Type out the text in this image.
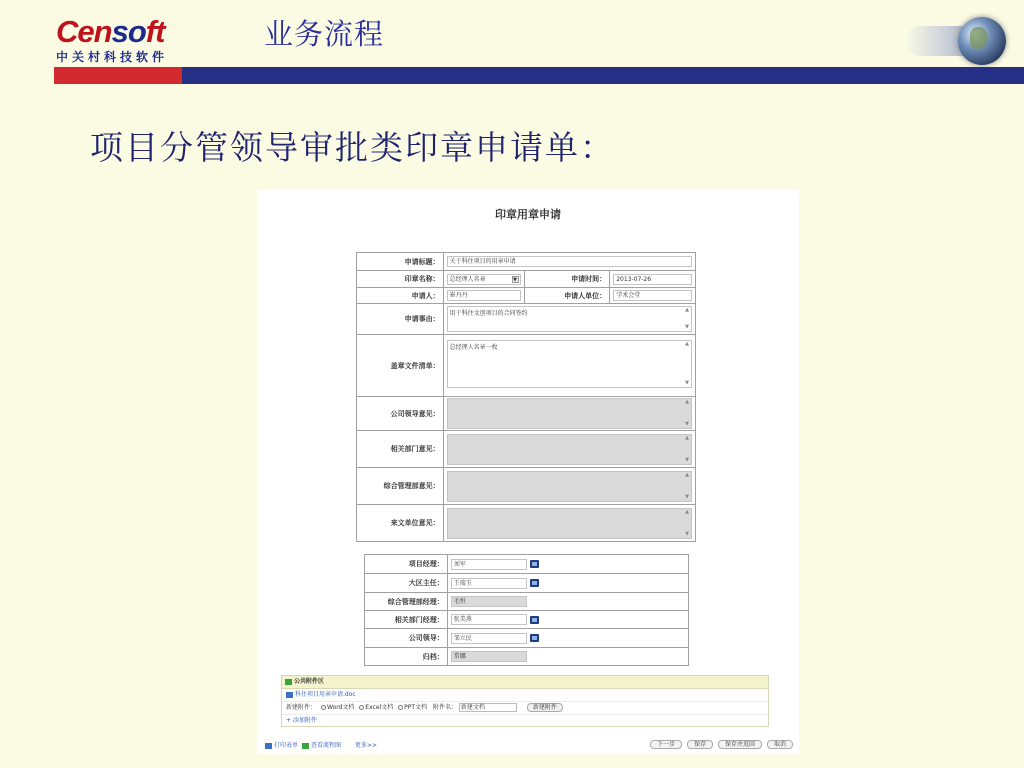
Censoft
中关村科技软件
业务流程
项目分管领导审批类印章申请单：
印章用章申请
申请标题：	关于科住项目的用章申请		

印章名称：	总经理人名章 ▼	申请时间：	2013-07-26

申请人：	崔丹丹	申请人单位：	学术会堂

申请事由：	用于科住文创项目的合同签约 ▲
▼		

盖章文件清单：	总经理人名章一枚 ▲
▼		

公司领导意见：	▲
▼		

相关部门意见：	▲
▼		

综合管理部意见：	▲
▼		

来文单位意见：	▲
▼		
项目经理：	刘军
大区主任：	王瑞玉
综合管理部经理：	毛恒
相关部门经理：	张美燕
公司领导：	邹立民
归档：	常娜
公共附件区
科住项目用章申请.doc
新建附件： Word文档 Excel文档 PPT文档 附件名： 新建文档	新建附件
+ 添加附件
打印表单 查看流程图 更多>>	下一步	保存	保存并返回	取消
